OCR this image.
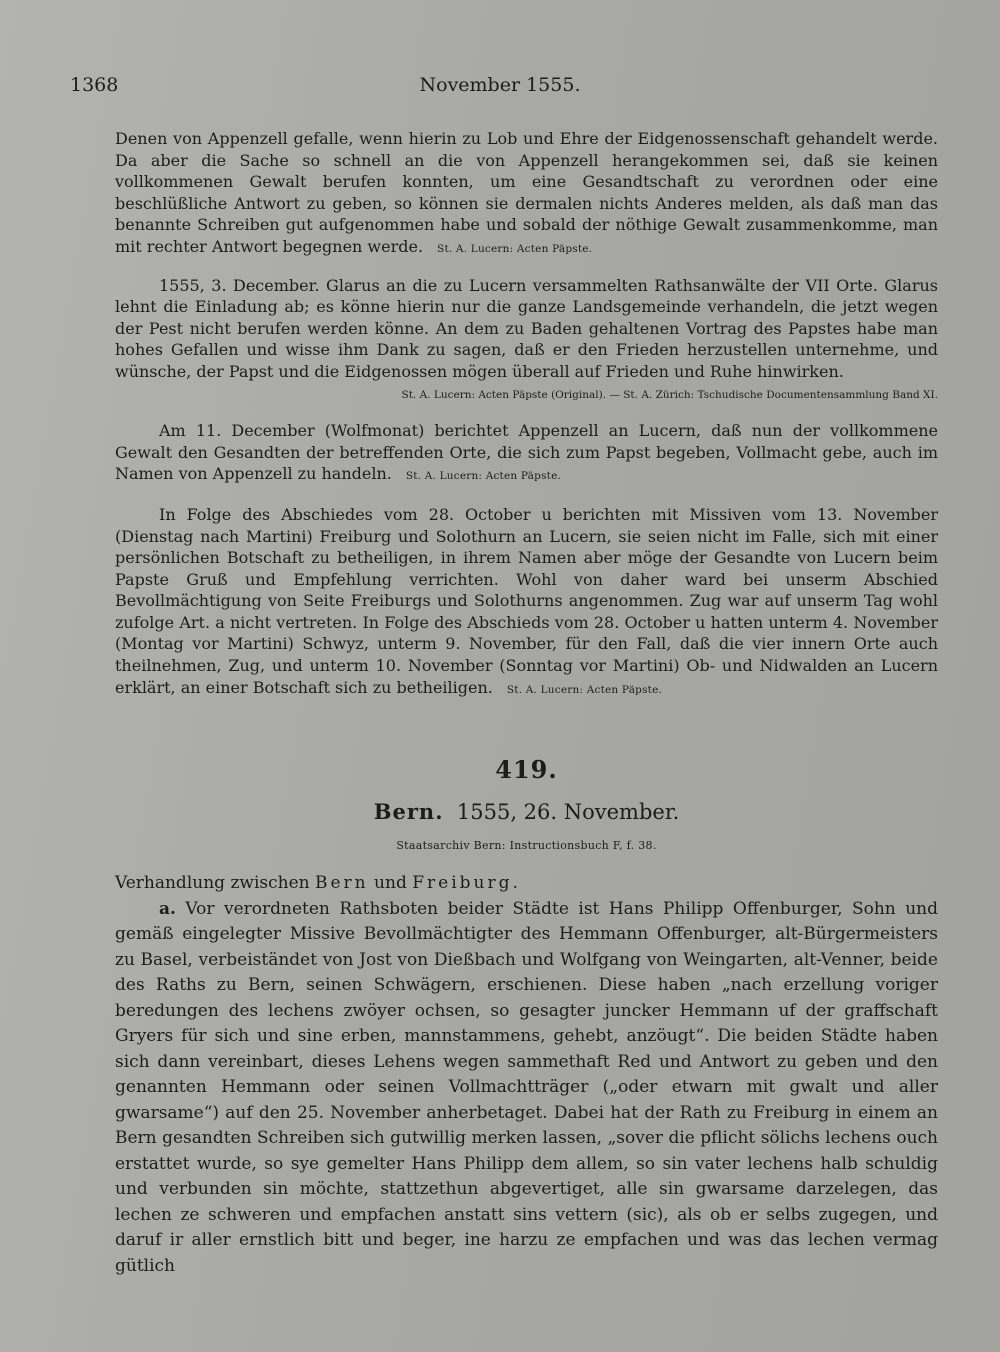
1368	November 1555.

Denen von Appenzell gefalle, wenn hierin zu Lob und Ehre der Eidgenossenschaft gehandelt werde. Da aber die Sache so schnell an die von Appenzell herangekommen sei, daß sie keinen vollkommenen Gewalt berufen konnten, um eine Gesandtschaft zu verordnen oder eine beschlüßliche Antwort zu geben, so können sie dermalen nichts Anderes melden, als daß man das benannte Schreiben gut aufgenommen habe und sobald der nöthige Gewalt zusammenkomme, man mit rechter Antwort begegnen werde. St. A. Lucern: Acten Päpste.

1555, 3. December. Glarus an die zu Lucern versammelten Rathsanwälte der VII Orte. Glarus lehnt die Einladung ab; es könne hierin nur die ganze Landsgemeinde verhandeln, die jetzt wegen der Pest nicht berufen werden könne. An dem zu Baden gehaltenen Vortrag des Papstes habe man hohes Gefallen und wisse ihm Dank zu sagen, daß er den Frieden herzustellen unternehme, und wünsche, der Papst und die Eidgenossen mögen überall auf Frieden und Ruhe hinwirken.

St. A. Lucern: Acten Päpste (Original). — St. A. Zürich: Tschudische Documentensammlung Band XI.

Am 11. December (Wolfmonat) berichtet Appenzell an Lucern, daß nun der vollkommene Gewalt den Gesandten der betreffenden Orte, die sich zum Papst begeben, Vollmacht gebe, auch im Namen von Appenzell zu handeln. St. A. Lucern: Acten Päpste.

In Folge des Abschiedes vom 28. October u berichten mit Missiven vom 13. November (Dienstag nach Martini) Freiburg und Solothurn an Lucern, sie seien nicht im Falle, sich mit einer persönlichen Botschaft zu betheiligen, in ihrem Namen aber möge der Gesandte von Lucern beim Papste Gruß und Empfehlung verrichten. Wohl von daher ward bei unserm Abschied Bevollmächtigung von Seite Freiburgs und Solothurns angenommen. Zug war auf unserm Tag wohl zufolge Art. a nicht vertreten. In Folge des Abschieds vom 28. October u hatten unterm 4. November (Montag vor Martini) Schwyz, unterm 9. November, für den Fall, daß die vier innern Orte auch theilnehmen, Zug, und unterm 10. November (Sonntag vor Martini) Ob- und Nidwalden an Lucern erklärt, an einer Botschaft sich zu betheiligen. St. A. Lucern: Acten Päpste.

419.

Bern. 1555, 26. November.

Staatsarchiv Bern: Instructionsbuch F, f. 38.

Verhandlung zwischen Bern und Freiburg.

a. Vor verordneten Rathsboten beider Städte ist Hans Philipp Offenburger, Sohn und gemäß eingelegter Missive Bevollmächtigter des Hemmann Offenburger, alt-Bürgermeisters zu Basel, verbeiständet von Jost von Dießbach und Wolfgang von Weingarten, alt-Venner, beide des Raths zu Bern, seinen Schwägern, erschienen. Diese haben „nach erzellung voriger beredungen des lechens zwöyer ochsen, so gesagter juncker Hemmann uf der graffschaft Gryers für sich und sine erben, mannstammens, gehebt, anzöugt“. Die beiden Städte haben sich dann vereinbart, dieses Lehens wegen sammethaft Red und Antwort zu geben und den genannten Hemmann oder seinen Vollmachtträger („oder etwarn mit gwalt und aller gwarsame“) auf den 25. November anherbetaget. Dabei hat der Rath zu Freiburg in einem an Bern gesandten Schreiben sich gutwillig merken lassen, „sover die pflicht sölichs lechens ouch erstattet wurde, so sye gemelter Hans Philipp dem allem, so sin vater lechens halb schuldig und verbunden sin möchte, stattzethun abgevertiget, alle sin gwarsame darzelegen, das lechen ze schweren und empfachen anstatt sins vettern (sic), als ob er selbs zugegen, und daruf ir aller ernstlich bitt und beger, ine harzu ze empfachen und was das lechen vermag gütlich
